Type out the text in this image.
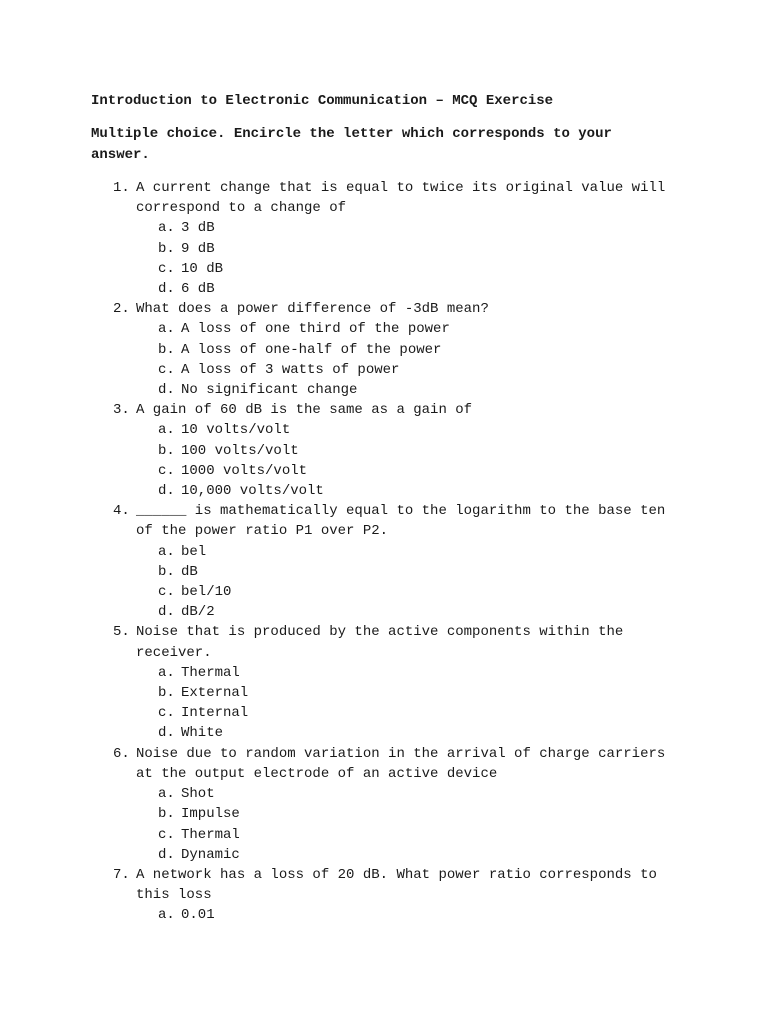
Introduction to Electronic Communication – MCQ Exercise
Multiple choice. Encircle the letter which corresponds to your answer.
1. A current change that is equal to twice its original value will correspond to a change of
a. 3 dB
b. 9 dB
c. 10 dB
d. 6 dB
2. What does a power difference of -3dB mean?
a. A loss of one third of the power
b. A loss of one-half of the power
c. A loss of 3 watts of power
d. No significant change
3. A gain of 60 dB is the same as a gain of
a. 10 volts/volt
b. 100 volts/volt
c. 1000 volts/volt
d. 10,000 volts/volt
4. ______ is mathematically equal to the logarithm to the base ten of the power ratio P1 over P2.
a. bel
b. dB
c. bel/10
d. dB/2
5. Noise that is produced by the active components within the receiver.
a. Thermal
b. External
c. Internal
d. White
6. Noise due to random variation in the arrival of charge carriers at the output electrode of an active device
a. Shot
b. Impulse
c. Thermal
d. Dynamic
7. A network has a loss of 20 dB. What power ratio corresponds to this loss
a. 0.01
